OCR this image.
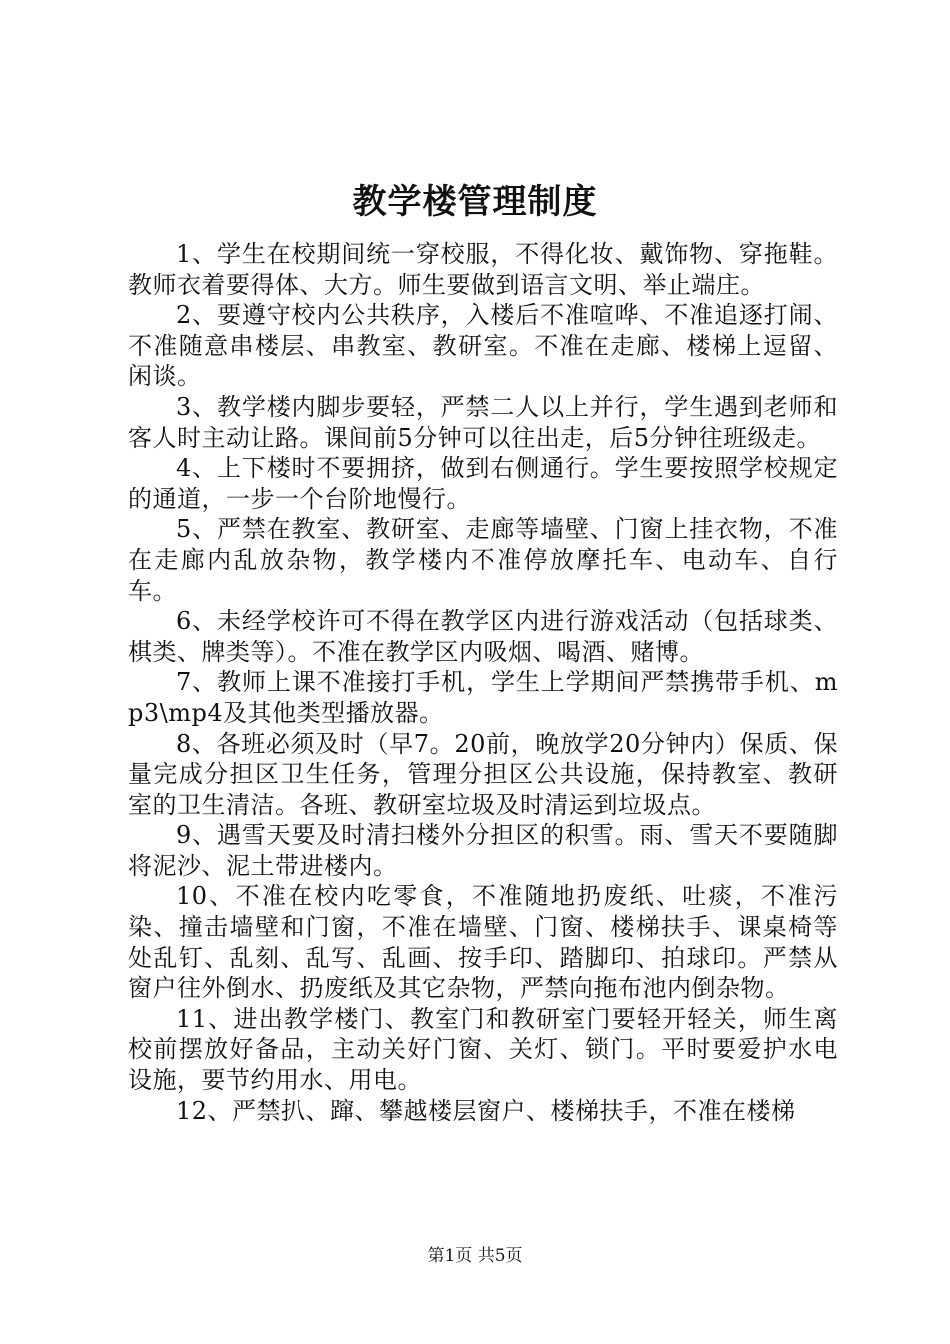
教学楼管理制度

1、学生在校期间统一穿校服，不得化妆、戴饰物、穿拖鞋。教师衣着要得体、大方。师生要做到语言文明、举止端庄。

2、要遵守校内公共秩序，入楼后不准喧哗、不准追逐打闹、不准随意串楼层、串教室、教研室。不准在走廊、楼梯上逗留、闲谈。

3、教学楼内脚步要轻，严禁二人以上并行，学生遇到老师和客人时主动让路。课间前5分钟可以往出走，后5分钟往班级走。

4、上下楼时不要拥挤，做到右侧通行。学生要按照学校规定的通道，一步一个台阶地慢行。

5、严禁在教室、教研室、走廊等墙壁、门窗上挂衣物，不准在走廊内乱放杂物，教学楼内不准停放摩托车、电动车、自行车。

6、未经学校许可不得在教学区内进行游戏活动（包括球类、棋类、牌类等）。不准在教学区内吸烟、喝酒、赌博。

7、教师上课不准接打手机，学生上学期间严禁携带手机、mp3\mp4及其他类型播放器。

8、各班必须及时（早7。20前，晚放学20分钟内）保质、保量完成分担区卫生任务，管理分担区公共设施，保持教室、教研室的卫生清洁。各班、教研室垃圾及时清运到垃圾点。

9、遇雪天要及时清扫楼外分担区的积雪。雨、雪天不要随脚将泥沙、泥土带进楼内。

10、不准在校内吃零食，不准随地扔废纸、吐痰，不准污染、撞击墙壁和门窗，不准在墙壁、门窗、楼梯扶手、课桌椅等处乱钉、乱刻、乱写、乱画、按手印、踏脚印、拍球印。严禁从窗户往外倒水、扔废纸及其它杂物，严禁向拖布池内倒杂物。

11、进出教学楼门、教室门和教研室门要轻开轻关，师生离校前摆放好备品，主动关好门窗、关灯、锁门。平时要爱护水电设施，要节约用水、用电。

12、严禁扒、蹿、攀越楼层窗户、楼梯扶手，不准在楼梯

第1页 共5页
